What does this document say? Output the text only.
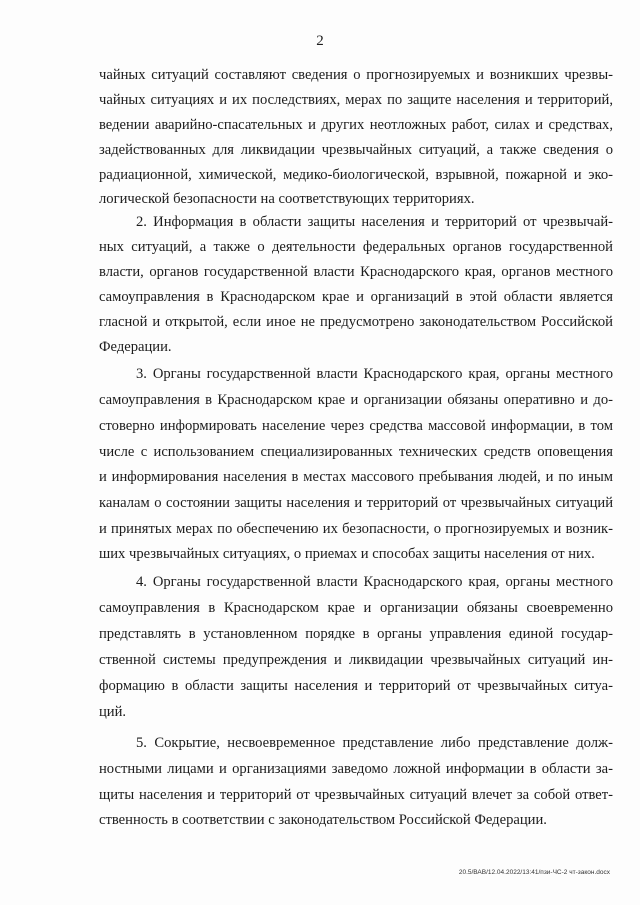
2
чайных ситуаций составляют сведения о прогнозируемых и возникших чрезвы-
чайных ситуациях и их последствиях, мерах по защите населения и территорий,
ведении аварийно-спасательных и других неотложных работ, силах и средствах,
задействованных для ликвидации чрезвычайных ситуаций, а также сведения о
радиационной, химической, медико-биологической, взрывной, пожарной и эко-
логической безопасности на соответствующих территориях.
2. Информация в области защиты населения и территорий от чрезвычай-
ных ситуаций, а также о деятельности федеральных органов государственной
власти, органов государственной власти Краснодарского края, органов местного
самоуправления в Краснодарском крае и организаций в этой области является
гласной и открытой, если иное не предусмотрено законодательством Российской
Федерации.
3. Органы государственной власти Краснодарского края, органы местного
самоуправления в Краснодарском крае и организации обязаны оперативно и до-
стоверно информировать население через средства массовой информации, в том
числе с использованием специализированных технических средств оповещения
и информирования населения в местах массового пребывания людей, и по иным
каналам о состоянии защиты населения и территорий от чрезвычайных ситуаций
и принятых мерах по обеспечению их безопасности, о прогнозируемых и возник-
ших чрезвычайных ситуациях, о приемах и способах защиты населения от них.
4. Органы государственной власти Краснодарского края, органы местного
самоуправления в Краснодарском крае и организации обязаны своевременно
представлять в установленном порядке в органы управления единой государ-
ственной системы предупреждения и ликвидации чрезвычайных ситуаций ин-
формацию в области защиты населения и территорий от чрезвычайных ситуа-
ций.
5. Сокрытие, несвоевременное представление либо представление долж-
ностными лицами и организациями заведомо ложной информации в области за-
щиты населения и территорий от чрезвычайных ситуаций влечет за собой ответ-
ственность в соответствии с законодательством Российской Федерации.
20.5/ВАВ/12.04.2022/13:41/пзи-ЧС-2 чт-закон.docx
